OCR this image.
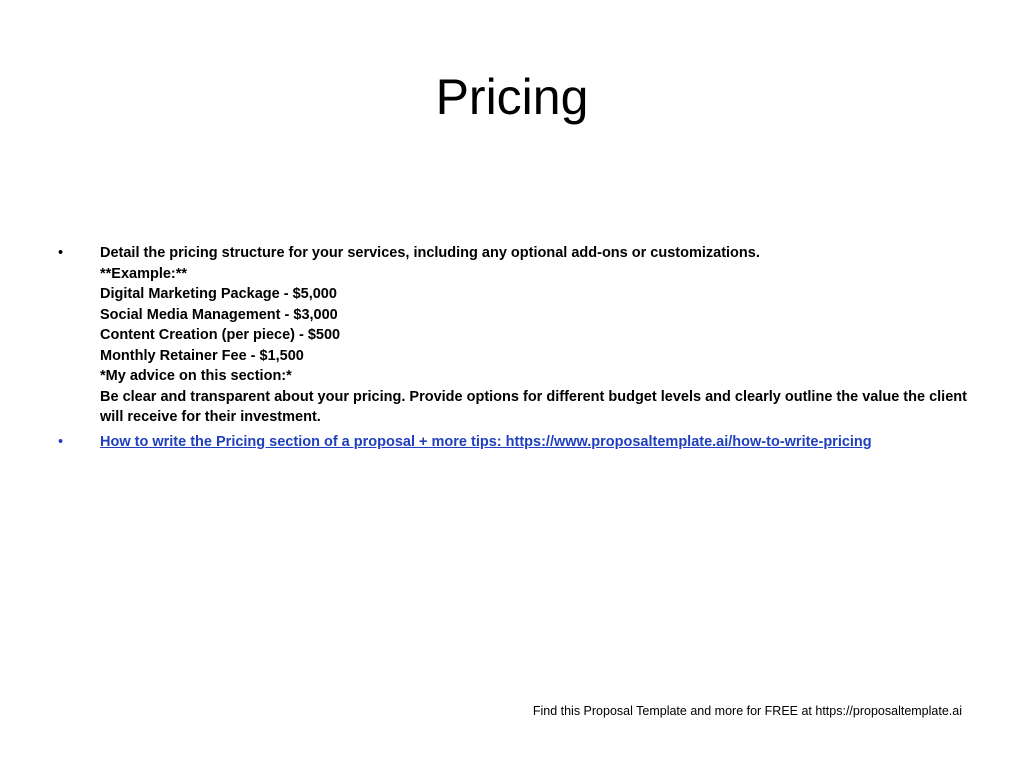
Pricing
•	Detail the pricing structure for your services, including any optional add-ons or customizations.
**Example:**
Digital Marketing Package - $5,000
Social Media Management - $3,000
Content Creation (per piece) - $500
Monthly Retainer Fee - $1,500
*My advice on this section:*
Be clear and transparent about your pricing. Provide options for different budget levels and clearly outline the value the client will receive for their investment.
•	How to write the Pricing section of a proposal + more tips: https://www.proposaltemplate.ai/how-to-write-pricing
Find this Proposal Template and more for FREE at https://proposaltemplate.ai
